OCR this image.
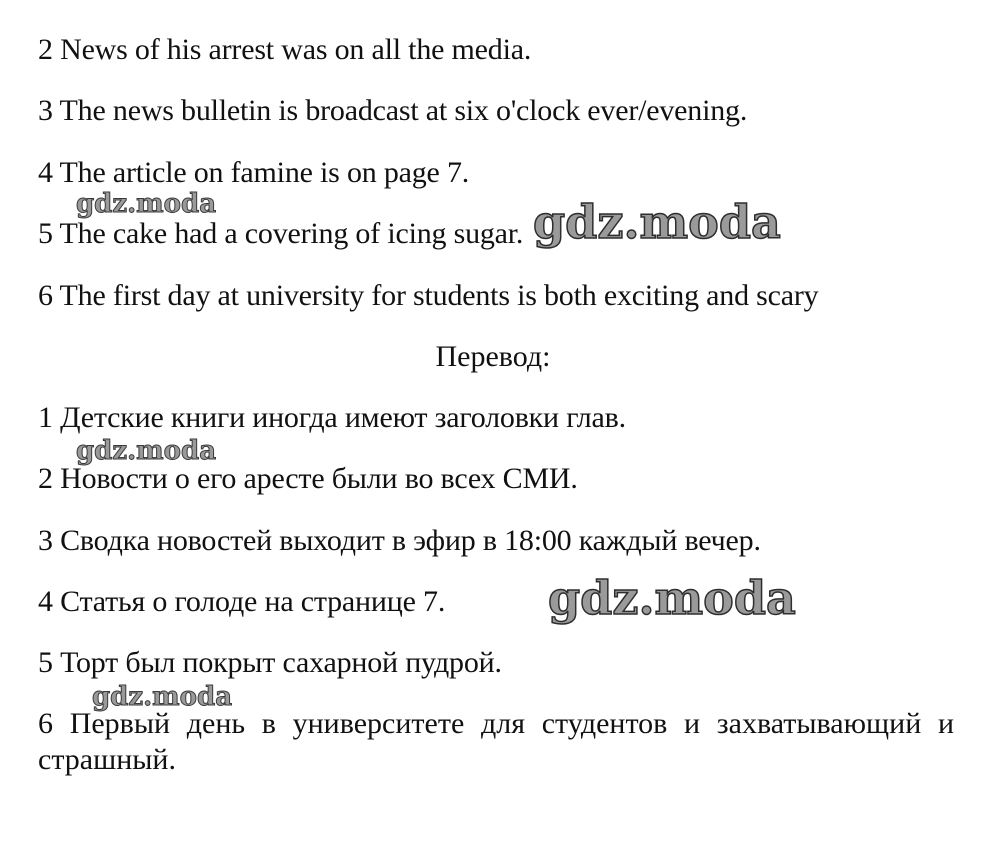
2 News of his arrest was on all the media.
3 The news bulletin is broadcast at six o'clock ever/evening.
4 The article on famine is on page 7.
5 The cake had a covering of icing sugar.
6 The first day at university for students is both exciting and scary
Перевод:
1 Детские книги иногда имеют заголовки глав.
2 Новости о его аресте были во всех СМИ.
3 Сводка новостей выходит в эфир в 18:00 каждый вечер.
4 Статья о голоде на странице 7.
5 Торт был покрыт сахарной пудрой.
6 Первый день в университете для студентов и захватывающий и страшный.
gdz.moda	gdz.moda
gdz.moda
gdz.moda
gdz.moda
